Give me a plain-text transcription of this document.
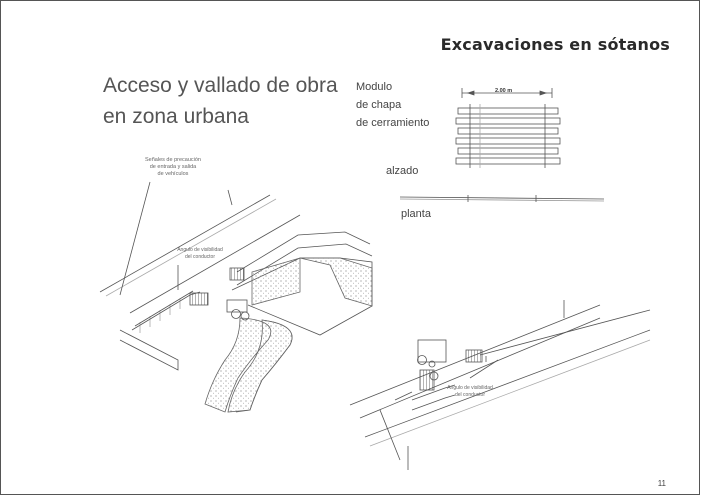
Excavaciones en sótanos
Acceso y vallado de obra
en zona urbana
Modulo
de chapa
de cerramiento
alzado
planta
Señales de precaución
de entrada y salida
de vehículos
Angulo de visibilidad
del conductor
Angulo de visibilidad
del conductor
2.00 m
11
